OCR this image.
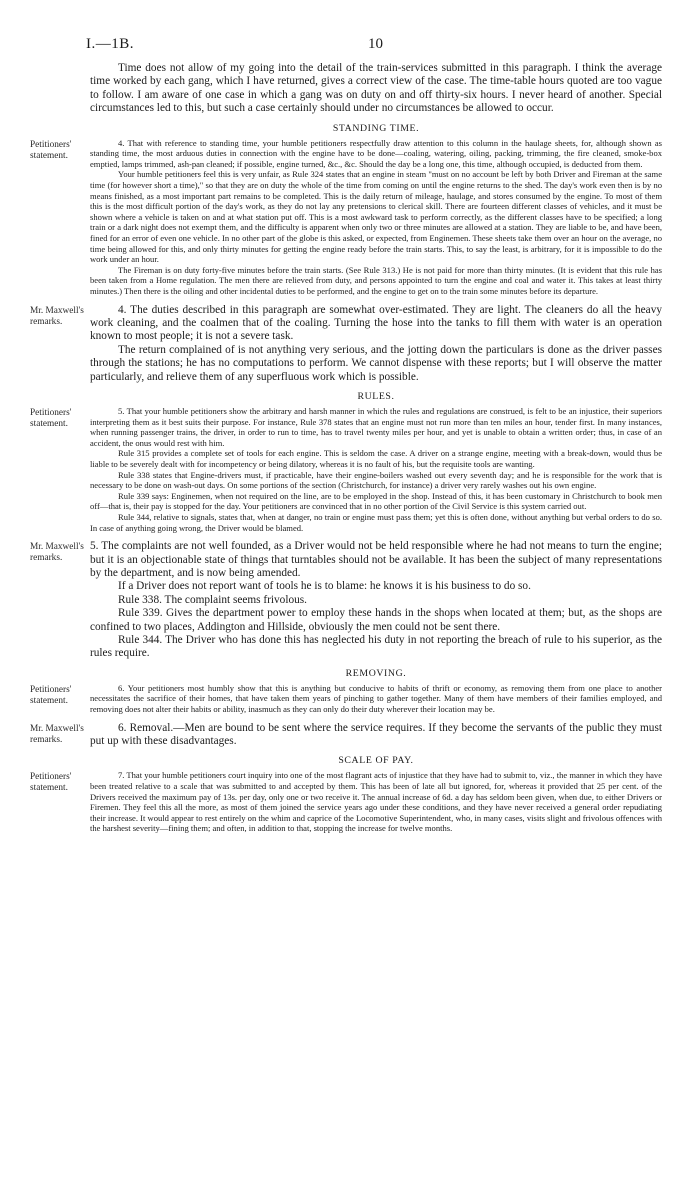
I.—1B.	10

Time does not allow of my going into the detail of the train-services submitted in this paragraph. I think the average time worked by each gang, which I have returned, gives a correct view of the case. The time-table hours quoted are too vague to follow. I am aware of one case in which a gang was on duty on and off thirty-six hours. I never heard of another. Special circumstances led to this, but such a case certainly should under no circumstances be allowed to occur.

STANDING TIME.
Petitioners' statement.

4. That with reference to standing time, your humble petitioners respectfully draw attention to this column in the haulage sheets, for, although shown as standing time, the most arduous duties in connection with the engine have to be done—coaling, watering, oiling, packing, trimming, the fire cleaned, smoke-box emptied, lamps trimmed, ash-pan cleaned; if possible, engine turned, &c., &c. Should the day be a long one, this time, although occupied, is deducted from them.

Your humble petitioners feel this is very unfair, as Rule 324 states that an engine in steam "must on no account be left by both Driver and Fireman at the same time (for however short a time)," so that they are on duty the whole of the time from coming on until the engine returns to the shed. The day's work even then is by no means finished, as a most important part remains to be completed. This is the daily return of mileage, haulage, and stores consumed by the engine. To most of them this is the most difficult portion of the day's work, as they do not lay any pretensions to clerical skill. There are fourteen different classes of vehicles, and it must be shown where a vehicle is taken on and at what station put off. This is a most awkward task to perform correctly, as the different classes have to be specified; a long train or a dark night does not exempt them, and the difficulty is apparent when only two or three minutes are allowed at a station. They are liable to be, and have been, fined for an error of even one vehicle. In no other part of the globe is this asked, or expected, from Enginemen. These sheets take them over an hour on the average, no time being allowed for this, and only thirty minutes for getting the engine ready before the train starts. This, to say the least, is arbitrary, for it is impossible to do the work under an hour.

The Fireman is on duty forty-five minutes before the train starts. (See Rule 313.) He is not paid for more than thirty minutes. (It is evident that this rule has been taken from a Home regulation. The men there are relieved from duty, and persons appointed to turn the engine and coal and water it. This takes at least thirty minutes.) Then there is the oiling and other incidental duties to be performed, and the engine to get on to the train some minutes before its departure.

Mr. Maxwell's remarks.

4. The duties described in this paragraph are somewhat over-estimated. They are light. The cleaners do all the heavy work cleaning, and the coalmen that of the coaling. Turning the hose into the tanks to fill them with water is an operation known to most people; it is not a severe task.

The return complained of is not anything very serious, and the jotting down the particulars is done as the driver passes through the stations; he has no computations to perform. We cannot dispense with these reports; but I will observe the matter particularly, and relieve them of any superfluous work which is possible.

RULES.
Petitioners' statement.

5. That your humble petitioners show the arbitrary and harsh manner in which the rules and regulations are construed, is felt to be an injustice, their superiors interpreting them as it best suits their purpose. For instance, Rule 378 states that an engine must not run more than ten miles an hour, tender first. In many instances, when running passenger trains, the driver, in order to run to time, has to travel twenty miles per hour, and yet is unable to obtain a written order; thus, in case of an accident, the onus would rest with him.

Rule 315 provides a complete set of tools for each engine. This is seldom the case. A driver on a strange engine, meeting with a break-down, would thus be liable to be severely dealt with for incompetency or being dilatory, whereas it is no fault of his, but the requisite tools are wanting.

Rule 338 states that Engine-drivers must, if practicable, have their engine-boilers washed out every seventh day; and he is responsible for the work that is necessary to be done on wash-out days. On some portions of the section (Christchurch, for instance) a driver very rarely washes out his own engine.

Rule 339 says: Enginemen, when not required on the line, are to be employed in the shop. Instead of this, it has been customary in Christchurch to book men off—that is, their pay is stopped for the day. Your petitioners are convinced that in no other portion of the Civil Service is this system carried out.

Rule 344, relative to signals, states that, when at danger, no train or engine must pass them; yet this is often done, without anything but verbal orders to do so. In case of anything going wrong, the Driver would be blamed.

Mr. Maxwell's remarks.

5. The complaints are not well founded, as a Driver would not be held responsible where he had not means to turn the engine; but it is an objectionable state of things that turntables should not be available. It has been the subject of many representations by the department, and is now being amended.

If a Driver does not report want of tools he is to blame: he knows it is his business to do so.

Rule 338. The complaint seems frivolous.

Rule 339. Gives the department power to employ these hands in the shops when located at them; but, as the shops are confined to two places, Addington and Hillside, obviously the men could not be sent there.

Rule 344. The Driver who has done this has neglected his duty in not reporting the breach of rule to his superior, as the rules require.

REMOVING.
Petitioners' statement.

6. Your petitioners most humbly show that this is anything but conducive to habits of thrift or economy, as removing them from one place to another necessitates the sacrifice of their homes, that have taken them years of pinching to gather together. Many of them have members of their families employed, and removing does not alter their habits or ability, inasmuch as they can only do their duty wherever their location may be.

Mr. Maxwell's remarks.

6. Removal.—Men are bound to be sent where the service requires. If they become the servants of the public they must put up with these disadvantages.

SCALE OF PAY.
Petitioners' statement.

7. That your humble petitioners court inquiry into one of the most flagrant acts of injustice that they have had to submit to, viz., the manner in which they have been treated relative to a scale that was submitted to and accepted by them. This has been of late all but ignored, for, whereas it provided that 25 per cent. of the Drivers received the maximum pay of 13s. per day, only one or two receive it. The annual increase of 6d. a day has seldom been given, when due, to either Drivers or Firemen. They feel this all the more, as most of them joined the service years ago under these conditions, and they have never received a general order repudiating their increase. It would appear to rest entirely on the whim and caprice of the Locomotive Superintendent, who, in many cases, visits slight and frivolous offences with the harshest severity—fining them; and often, in addition to that, stopping the increase for twelve months.
